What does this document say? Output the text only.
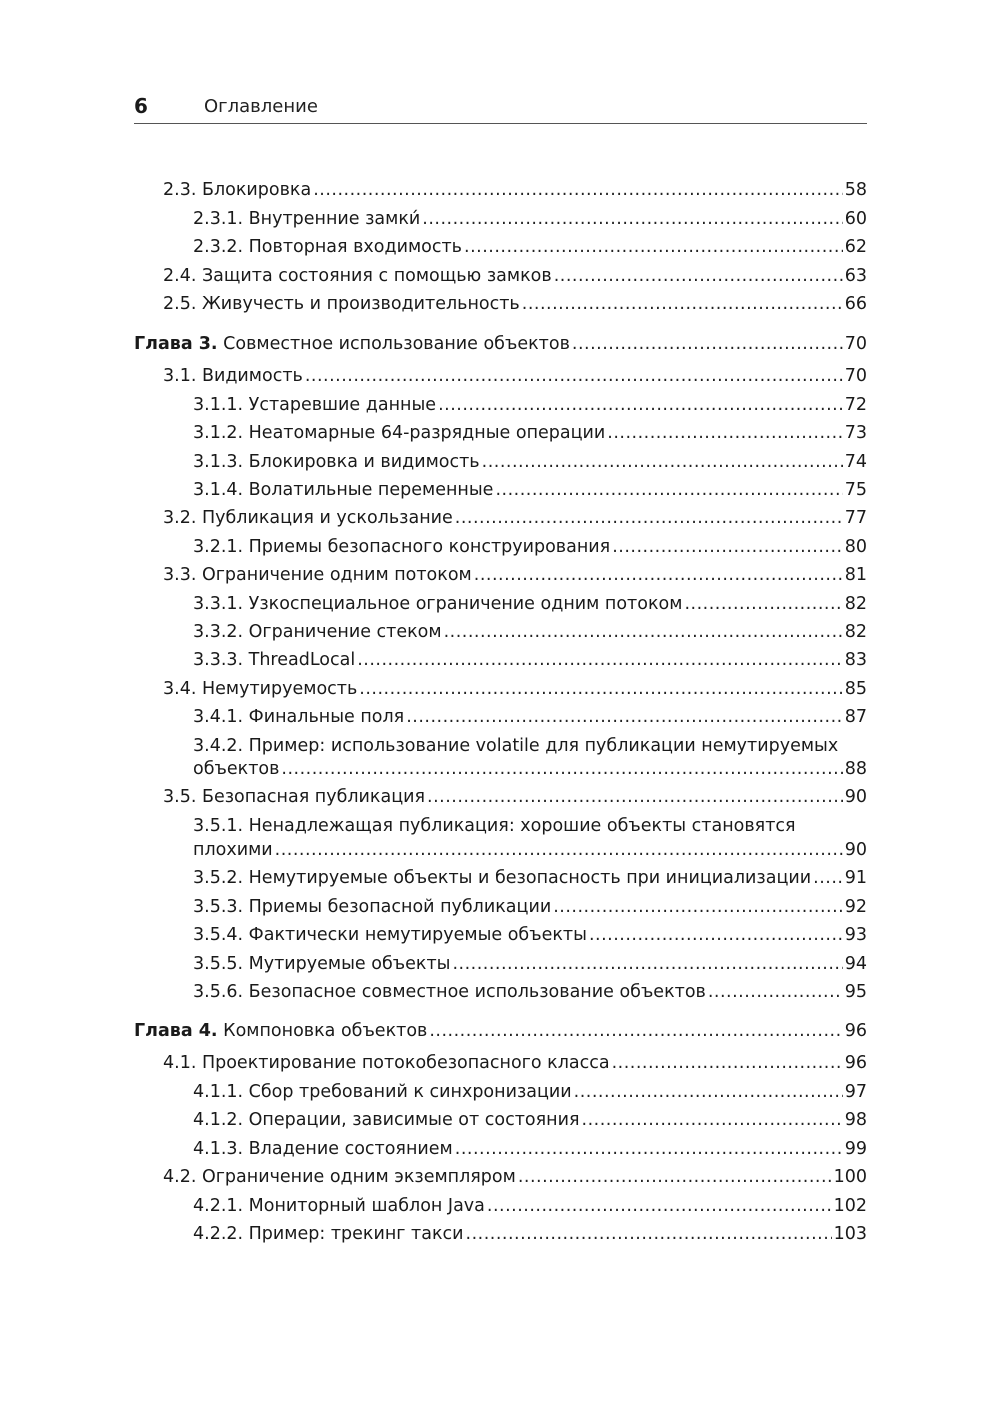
6	Оглавление
2.3. Блокировка .....	58
2.3.1. Внутренние замки́ .....	60
2.3.2. Повторная входимость .....	62
2.4. Защита состояния с помощью замков .....	63
2.5. Живучесть и производительность .....	66
Глава 3. Совместное использование объектов .....	70
3.1. Видимость .....	70
3.1.1. Устаревшие данные .....	72
3.1.2. Неатомарные 64-разрядные операции .....	73
3.1.3. Блокировка и видимость .....	74
3.1.4. Волатильные переменные .....	75
3.2. Публикация и ускользание .....	77
3.2.1. Приемы безопасного конструирования .....	80
3.3. Ограничение одним потоком .....	81
3.3.1. Узкоспециальное ограничение одним потоком .....	82
3.3.2. Ограничение стеком .....	82
3.3.3. ThreadLocal .....	83
3.4. Немутируемость .....	85
3.4.1. Финальные поля .....	87
3.4.2. Пример: использование volatile для публикации немутируемых
объектов .....	88
3.5. Безопасная публикация .....	90
3.5.1. Ненадлежащая публикация: хорошие объекты становятся
плохими .....	90
3.5.2. Немутируемые объекты и безопасность при инициализации ..... 91
3.5.3. Приемы безопасной публикации .....	92
3.5.4. Фактически немутируемые объекты .....	93
3.5.5. Мутируемые объекты .....	94
3.5.6. Безопасное совместное использование объектов .....	95
Глава 4. Компоновка объектов .....	96
4.1. Проектирование потокобезопасного класса .....	96
4.1.1. Сбор требований к синхронизации .....	97
4.1.2. Операции, зависимые от состояния .....	98
4.1.3. Владение состоянием .....	99
4.2. Ограничение одним экземпляром .....	100
4.2.1. Мониторный шаблон Java .....	102
4.2.2. Пример: трекинг такси .....	103
